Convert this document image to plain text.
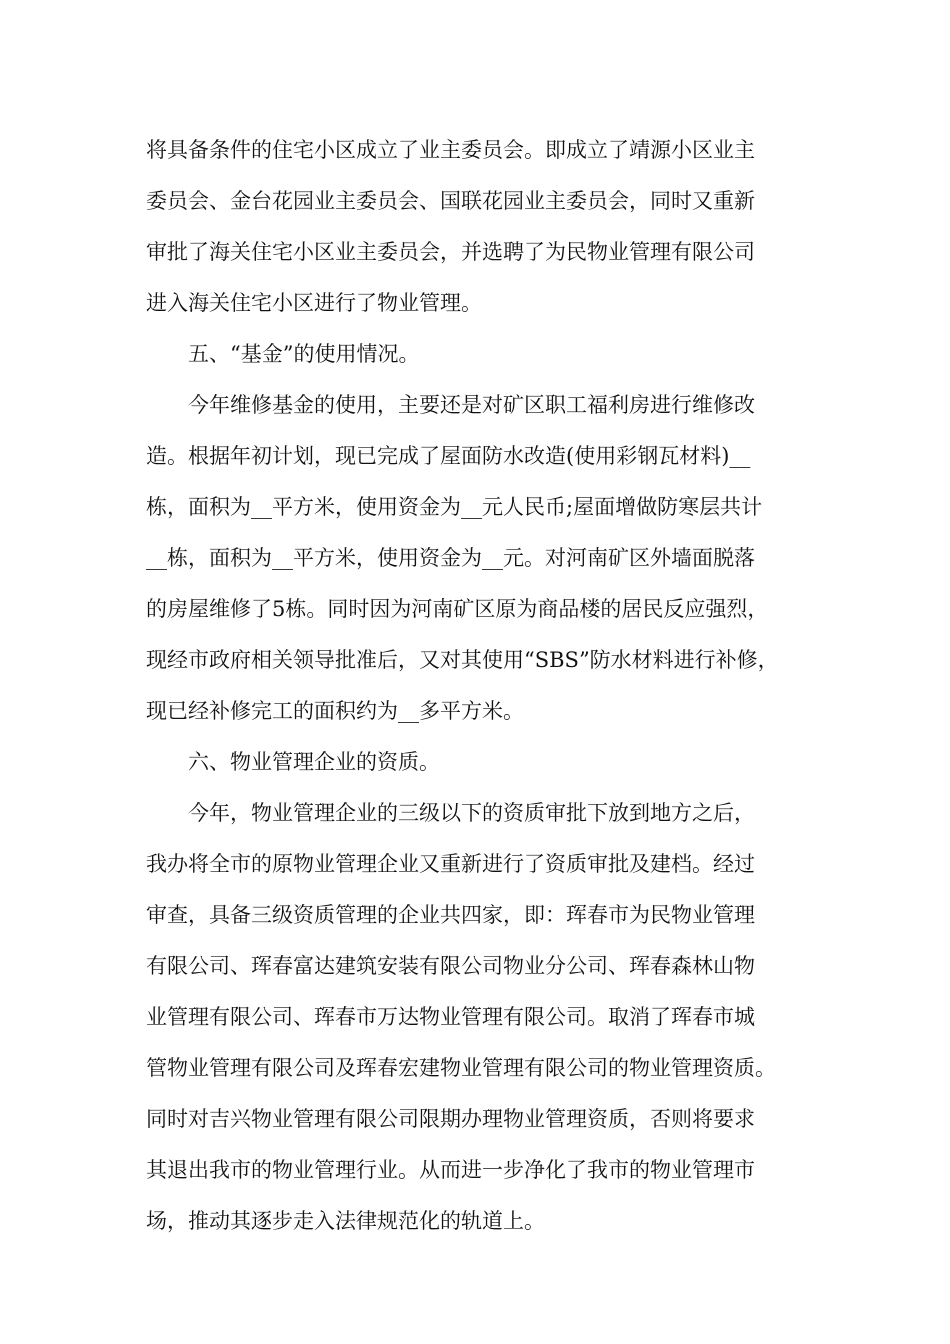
将具备条件的住宅小区成立了业主委员会。即成立了靖源小区业主
委员会、金台花园业主委员会、国联花园业主委员会，同时又重新
审批了海关住宅小区业主委员会，并选聘了为民物业管理有限公司
进入海关住宅小区进行了物业管理。
五、“基金”的使用情况。
今年维修基金的使用，主要还是对矿区职工福利房进行维修改
造。根据年初计划，现已完成了屋面防水改造(使用彩钢瓦材料)__
栋，面积为__平方米，使用资金为__元人民币;屋面增做防寒层共计
__栋，面积为__平方米，使用资金为__元。对河南矿区外墙面脱落
的房屋维修了5栋。同时因为河南矿区原为商品楼的居民反应强烈，
现经市政府相关领导批准后，又对其使用“SBS”防水材料进行补修，
现已经补修完工的面积约为__多平方米。
六、物业管理企业的资质。
今年，物业管理企业的三级以下的资质审批下放到地方之后，
我办将全市的原物业管理企业又重新进行了资质审批及建档。经过
审查，具备三级资质管理的企业共四家，即：珲春市为民物业管理
有限公司、珲春富达建筑安装有限公司物业分公司、珲春森林山物
业管理有限公司、珲春市万达物业管理有限公司。取消了珲春市城
管物业管理有限公司及珲春宏建物业管理有限公司的物业管理资质。
同时对吉兴物业管理有限公司限期办理物业管理资质，否则将要求
其退出我市的物业管理行业。从而进一步净化了我市的物业管理市
场，推动其逐步走入法律规范化的轨道上。
